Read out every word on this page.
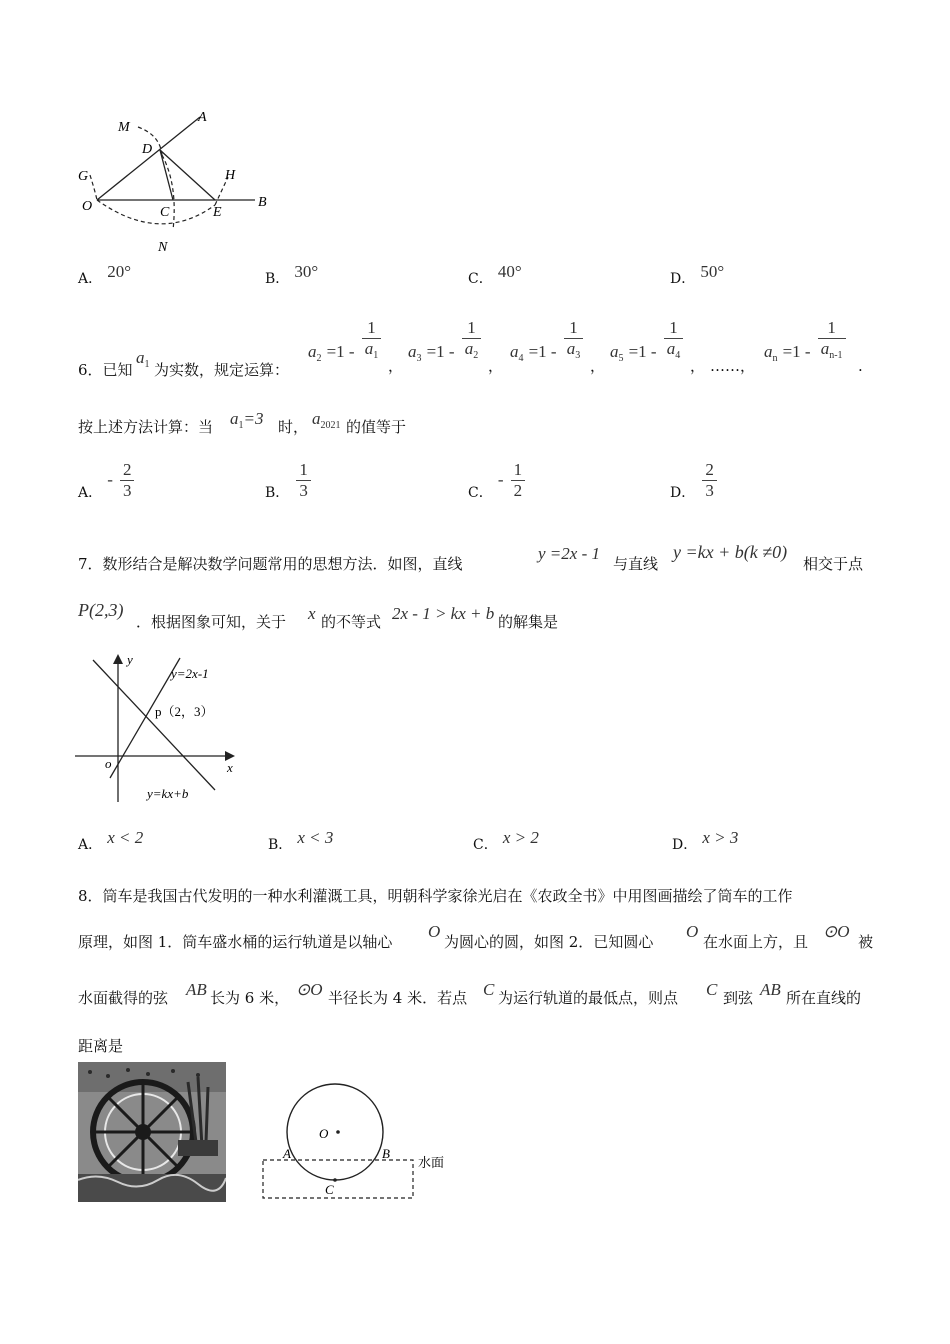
M
A
D
G	H
O	C	E
B
N
A． 20°	B． 30°	C． 40°	D． 50°
6．已知
$a_1$ 为实数，规定运算：
$a_2 =1 - \frac{1}{a_1}$ ，
$a_3 =1 - \frac{1}{a_2}$ ，
$a_4 =1 - \frac{1}{a_3}$ ，
$a_5 =1 - \frac{1}{a_4}$ ， ……，
$a_n =1 - \frac{1}{a_{n-1}}$ .
按上述方法计算：当 $a_1=3$ 时， $a_{2021}$ 的值等于
A． - $\frac{2}{3}$	B． $\frac{1}{3}$	C． - $\frac{1}{2}$	D． $\frac{2}{3}$
7．数形结合是解决数学问题常用的思想方法．如图，直线
y =2x - 1
与直线
y =kx + b(k ≠0)
相交于点
P(2,3)
．根据图象可知，关于 x 的不等式 2x - 1 > kx + b 的解集是
y
x
o
y=2x-1
p（2，3）
y=kx+b
A． x < 2	B． x < 3	C． x > 2	D． x > 3
8．筒车是我国古代发明的一种水利灌溉工具，明朝科学家徐光启在《农政全书》中用图画描绘了筒车的工作
原理，如图 1．筒车盛水桶的运行轨道是以轴心
O
为圆心的圆，如图 2．已知圆心
O
在水面上方，且
⊙O
被
水面截得的弦 AB 长为 6 米， ⊙O 半径长为 4 米．若点 C 为运行轨道的最低点，则点 C 到弦 AB 所在直线的
距离是
O
A	B
C
水面
